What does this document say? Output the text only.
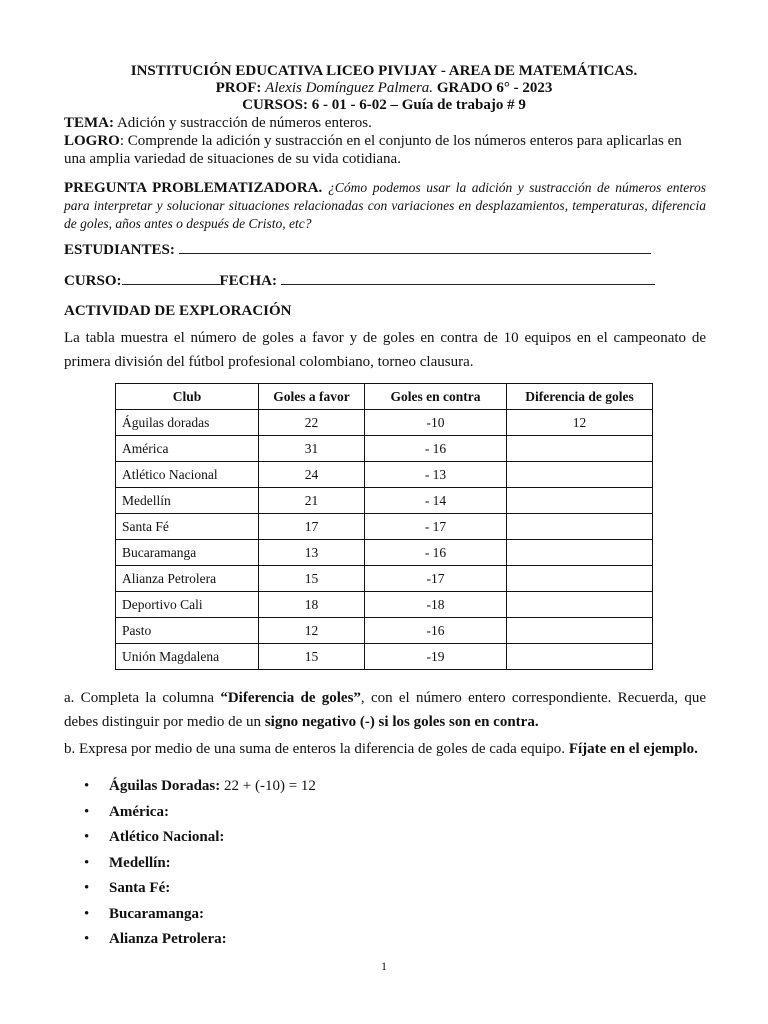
INSTITUCIÓN EDUCATIVA LICEO PIVIJAY - AREA DE MATEMÁTICAS.
PROF: Alexis Domínguez Palmera. GRADO 6° - 2023
CURSOS: 6 - 01 - 6-02 – Guía de trabajo # 9
TEMA: Adición y sustracción de números enteros.
LOGRO: Comprende la adición y sustracción en el conjunto de los números enteros para aplicarlas en una amplia variedad de situaciones de su vida cotidiana.
PREGUNTA PROBLEMATIZADORA. ¿Cómo podemos usar la adición y sustracción de números enteros para interpretar y solucionar situaciones relacionadas con variaciones en desplazamientos, temperaturas, diferencia de goles, años antes o después de Cristo, etc?
ESTUDIANTES:
CURSO:	FECHA:
ACTIVIDAD DE EXPLORACIÓN
La tabla muestra el número de goles a favor y de goles en contra de 10 equipos en el campeonato de primera división del fútbol profesional colombiano, torneo clausura.
Club	Goles a favor	Goles en contra	Diferencia de goles
Águilas doradas	22	-10	12
América	31	- 16	
Atlético Nacional	24	- 13	
Medellín	21	- 14	
Santa Fé	17	- 17	
Bucaramanga	13	- 16	
Alianza Petrolera	15	-17	
Deportivo Cali	18	-18	
Pasto	12	-16	
Unión Magdalena	15	-19	
a. Completa la columna “Diferencia de goles”, con el número entero correspondiente. Recuerda, que debes distinguir por medio de un signo negativo (-) si los goles son en contra.
b. Expresa por medio de una suma de enteros la diferencia de goles de cada equipo. Fíjate en el ejemplo.
• Águilas Doradas: 22 + (-10) = 12
• América:
• Atlético Nacional:
• Medellín:
• Santa Fé:
• Bucaramanga:
• Alianza Petrolera:
1
